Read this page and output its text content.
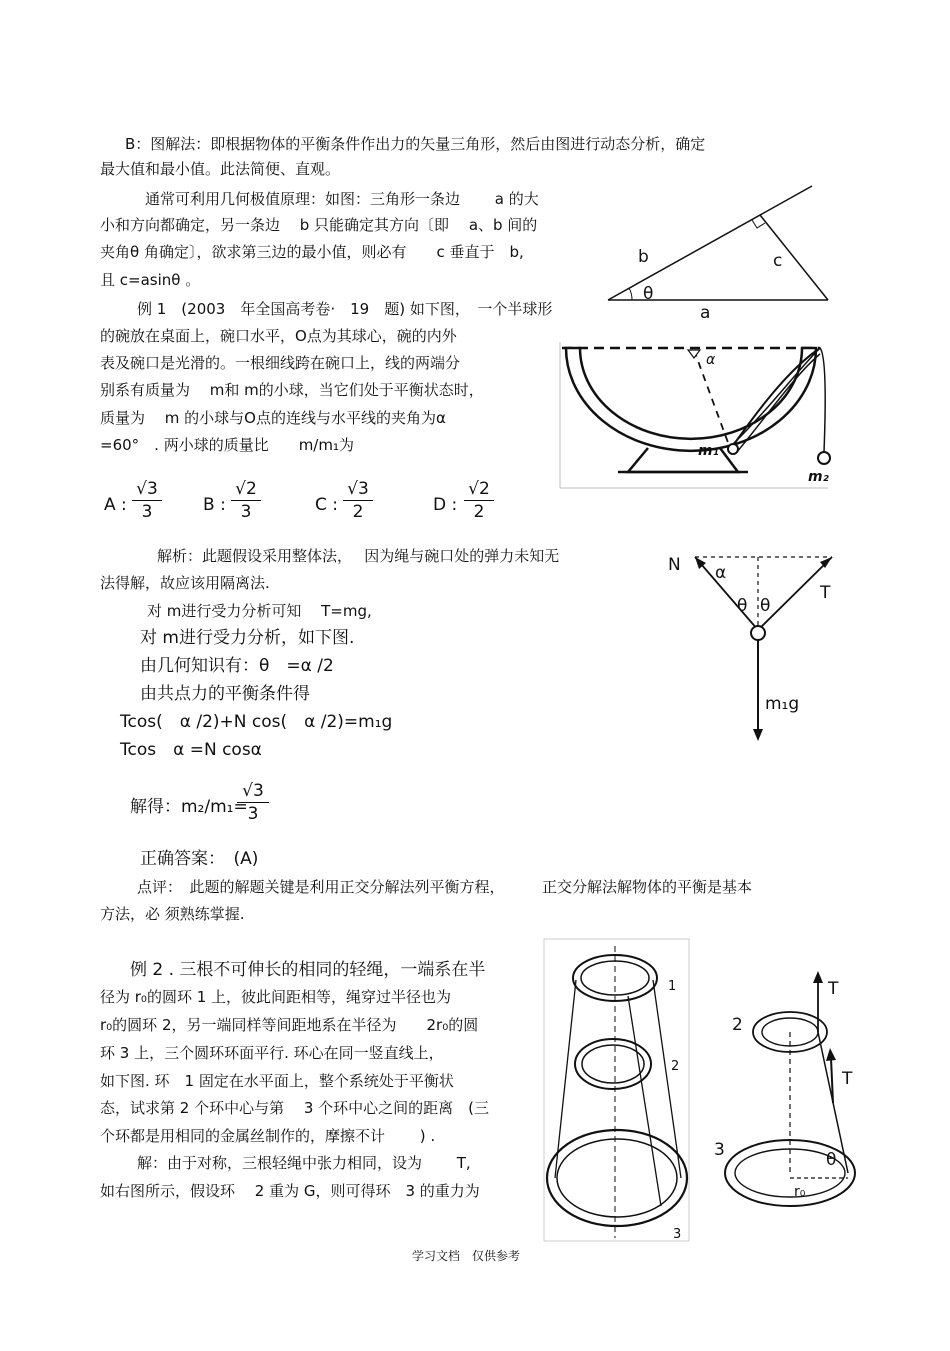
B：图解法：即根据物体的平衡条件作出力的矢量三角形，然后由图进行动态分析，确定
最大值和最小值。此法简便、直观。
通常可利用几何极值原理：如图：三角形一条边　　 a 的大
小和方向都确定，另一条边　 b 只能确定其方向〔即　 a、b 间的
夹角θ 角确定〕，欲求第三边的最小值，则必有　　c 垂直于　b,
且 c=asinθ 。
b	c
θ
a
例 1　(2003　年全国高考卷·　19　题) 如下图，　一个半球形
的碗放在桌面上，碗口水平，O点为其球心，碗的内外
表及碗口是光滑的。一根细线跨在碗口上，线的两端分
别系有质量为　 m和 m的小球，当它们处于平衡状态时，
质量为　 m 的小球与O点的连线与水平线的夹角为α
=60°　. 两小球的质量比　　m/m₁为
A : $\frac{√3}{3}$ B : $\frac{√2}{3}$	C : $\frac{√3}{2}$	D : $\frac{√2}{2}$
α
m₁
m₂
解析：此题假设采用整体法，　 因为绳与碗口处的弹力未知无
法得解，故应该用隔离法.
对 m进行受力分析可知　 T=mg,
对 m进行受力分析，如下图.
由几何知识有：θ　=α /2
由共点力的平衡条件得
Tcos(　α /2)+N cos(　α /2)=m₁g
Tcos　α =N cosα
解得：m₂/m₁=
$\frac{√3}{3}$
正确答案：　(A)
点评：　此题的解题关键是利用正交分解法列平衡方程，　　　正交分解法解物体的平衡是基本
方法，必 须熟练掌握.
N α
T
θ θ
m₁g
例 2 . 三根不可伸长的相同的轻绳，一端系在半
径为 r₀的圆环 1 上，彼此间距相等，绳穿过半径也为
r₀的圆环 2，另一端同样等间距地系在半径为　　2r₀的圆
环 3 上，三个圆环环面平行. 环心在同一竖直线上，
如下图. 环　1 固定在水平面上，整个系统处于平衡状
态，试求第 2 个环中心与第　 3 个环中心之间的距离　(三
个环都是用相同的金属丝制作的，摩擦不计　　 ) .
解：由于对称，三根轻绳中张力相同，设为　　 T,
如右图所示，假设环　 2 重为 G，则可得环　3 的重力为
1
2
3
T
2
T
3	θ
r₀
学习文档　仅供参考
